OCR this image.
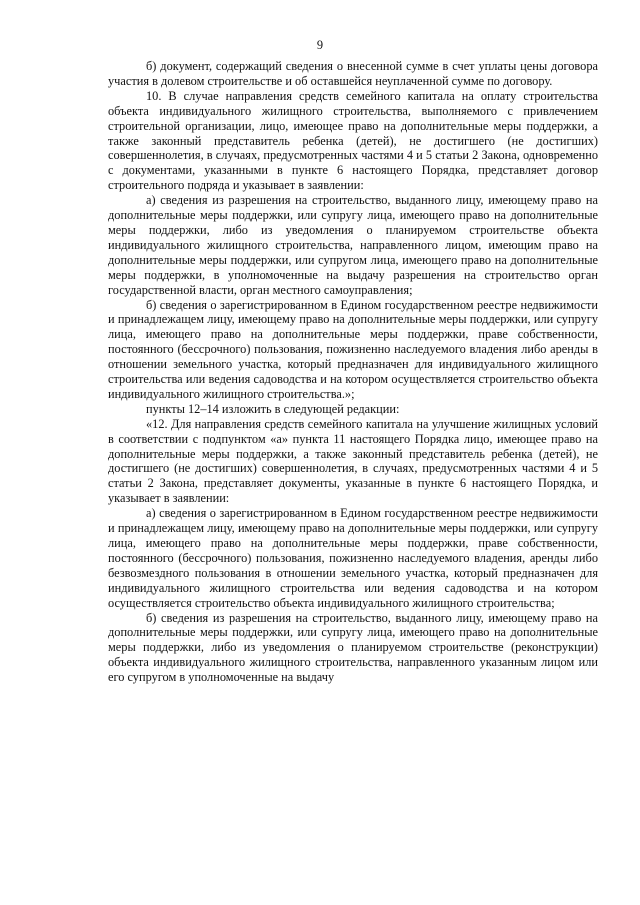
9

б) документ, содержащий сведения о внесенной сумме в счет уплаты цены договора участия в долевом строительстве и об оставшейся неуплаченной сумме по договору.

10. В случае направления средств семейного капитала на оплату строительства объекта индивидуального жилищного строительства, выполняемого с привлечением строительной организации, лицо, имеющее право на дополнительные меры поддержки, а также законный представитель ребенка (детей), не достигшего (не достигших) совершеннолетия, в случаях, предусмотренных частями 4 и 5 статьи 2 Закона, одновременно с документами, указанными в пункте 6 настоящего Порядка, представляет договор строительного подряда и указывает в заявлении:

а) сведения из разрешения на строительство, выданного лицу, имеющему право на дополнительные меры поддержки, или супругу лица, имеющего право на дополнительные меры поддержки, либо из уведомления о планируемом строительстве объекта индивидуального жилищного строительства, направленного лицом, имеющим право на дополнительные меры поддержки, или супругом лица, имеющего право на дополнительные меры поддержки, в уполномоченные на выдачу разрешения на строительство орган государственной власти, орган местного самоуправления;

б) сведения о зарегистрированном в Едином государственном реестре недвижимости и принадлежащем лицу, имеющему право на дополнительные меры поддержки, или супругу лица, имеющего право на дополнительные меры поддержки, праве собственности, постоянного (бессрочного) пользования, пожизненно наследуемого владения либо аренды в отношении земельного участка, который предназначен для индивидуального жилищного строительства или ведения садоводства и на котором осуществляется строительство объекта индивидуального жилищного строительства.»;

пункты 12–14 изложить в следующей редакции:

«12. Для направления средств семейного капитала на улучшение жилищных условий в соответствии с подпунктом «а» пункта 11 настоящего Порядка лицо, имеющее право на дополнительные меры поддержки, а также законный представитель ребенка (детей), не достигшего (не достигших) совершеннолетия, в случаях, предусмотренных частями 4 и 5 статьи 2 Закона, представляет документы, указанные в пункте 6 настоящего Порядка, и указывает в заявлении:

а) сведения о зарегистрированном в Едином государственном реестре недвижимости и принадлежащем лицу, имеющему право на дополнительные меры поддержки, или супругу лица, имеющего право на дополнительные меры поддержки, праве собственности, постоянного (бессрочного) пользования, пожизненно наследуемого владения, аренды либо безвозмездного пользования в отношении земельного участка, который предназначен для индивидуального жилищного строительства или ведения садоводства и на котором осуществляется строительство объекта индивидуального жилищного строительства;

б) сведения из разрешения на строительство, выданного лицу, имеющему право на дополнительные меры поддержки, или супругу лица, имеющего право на дополнительные меры поддержки, либо из уведомления о планируемом строительстве (реконструкции) объекта индивидуального жилищного строительства, направленного указанным лицом или его супругом в уполномоченные на выдачу
